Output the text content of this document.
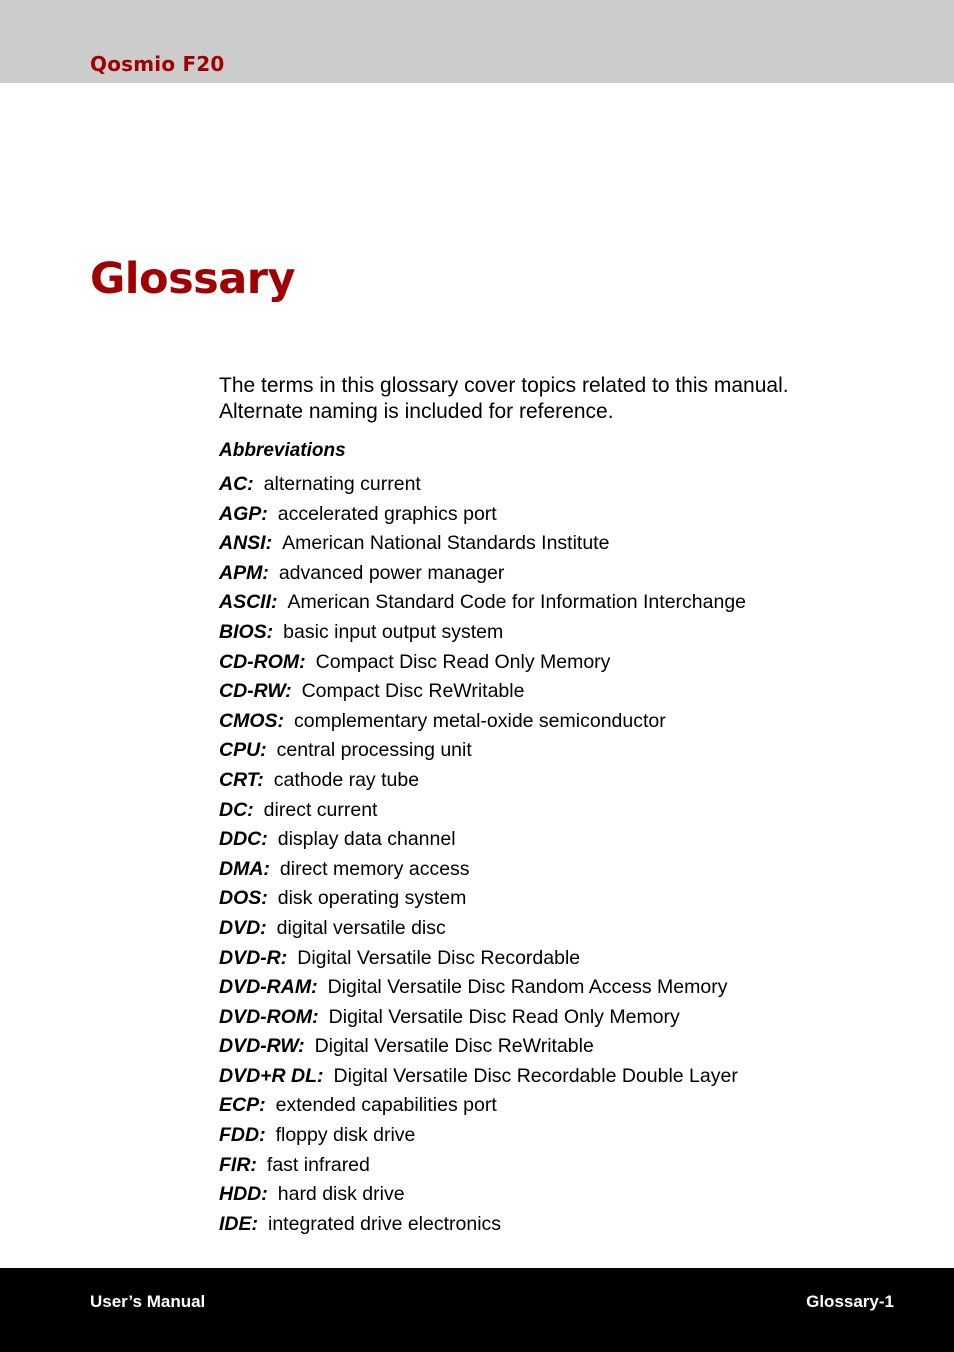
Qosmio F20
Glossary

The terms in this glossary cover topics related to this manual.
Alternate naming is included for reference.

Abbreviations
AC: alternating current
AGP: accelerated graphics port
ANSI: American National Standards Institute
APM: advanced power manager
ASCII: American Standard Code for Information Interchange
BIOS: basic input output system
CD-ROM: Compact Disc Read Only Memory
CD-RW: Compact Disc ReWritable
CMOS: complementary metal-oxide semiconductor
CPU: central processing unit
CRT: cathode ray tube
DC: direct current
DDC: display data channel
DMA: direct memory access
DOS: disk operating system
DVD: digital versatile disc
DVD-R: Digital Versatile Disc Recordable
DVD-RAM: Digital Versatile Disc Random Access Memory
DVD-ROM: Digital Versatile Disc Read Only Memory
DVD-RW: Digital Versatile Disc ReWritable
DVD+R DL: Digital Versatile Disc Recordable Double Layer
ECP: extended capabilities port
FDD: floppy disk drive
FIR: fast infrared
HDD: hard disk drive
IDE: integrated drive electronics
User’s Manual	Glossary-1
